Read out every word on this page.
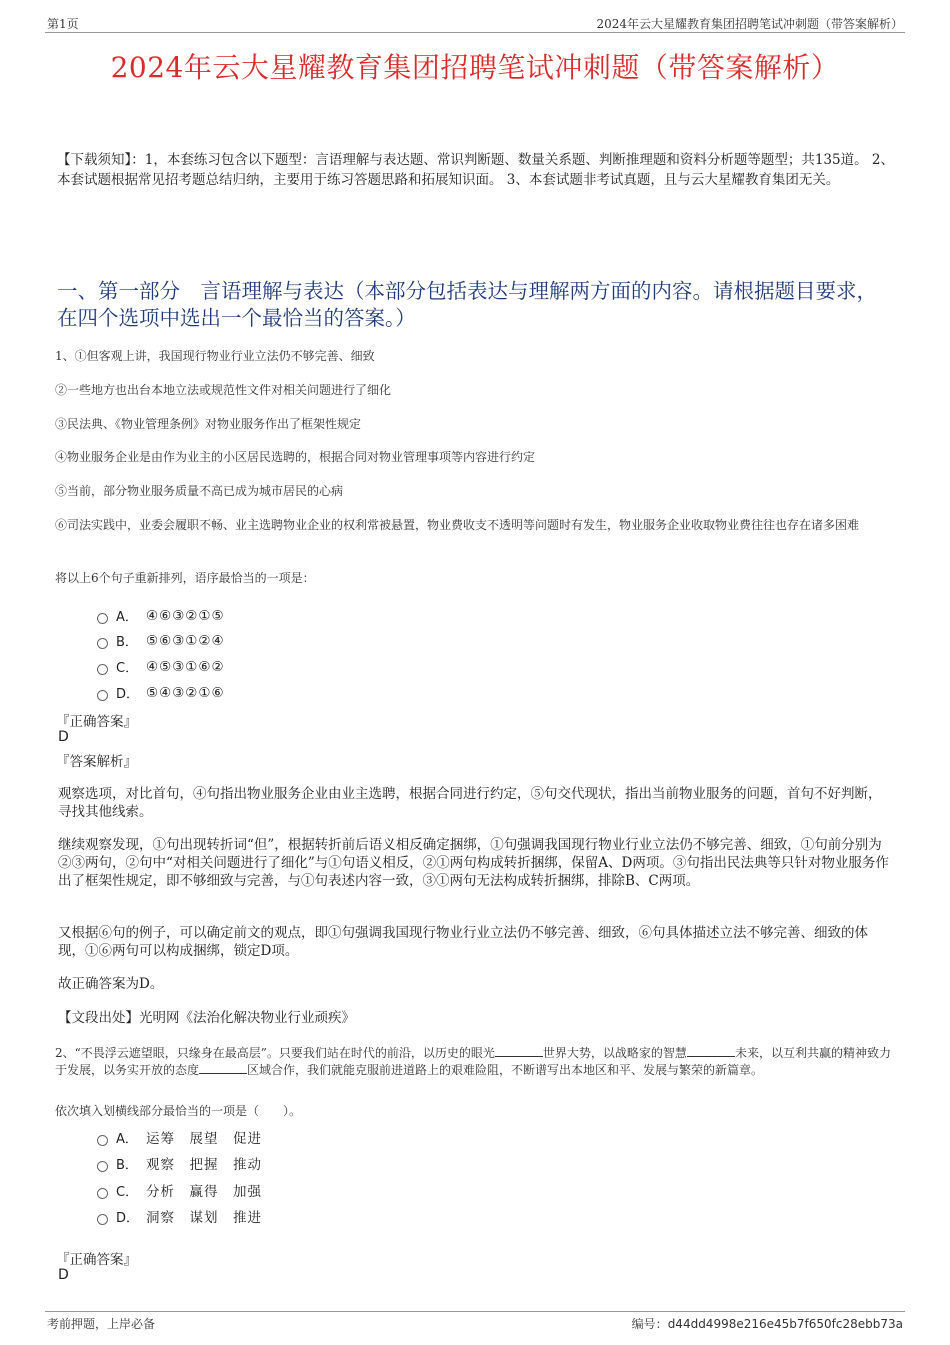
第1页	2024年云大星耀教育集团招聘笔试冲刺题（带答案解析）
2024年云大星耀教育集团招聘笔试冲刺题（带答案解析）
【下载须知】：1，本套练习包含以下题型：言语理解与表达题、常识判断题、数量关系题、判断推理题和资料分析题等题型；共135道。 2、本套试题根据常见招考题总结归纳，主要用于练习答题思路和拓展知识面。 3、本套试题非考试真题，且与云大星耀教育集团无关。
一、第一部分　言语理解与表达（本部分包括表达与理解两方面的内容。请根据题目要求，在四个选项中选出一个最恰当的答案。）
1、①但客观上讲，我国现行物业行业立法仍不够完善、细致
②一些地方也出台本地立法或规范性文件对相关问题进行了细化
③民法典、《物业管理条例》对物业服务作出了框架性规定
④物业服务企业是由作为业主的小区居民选聘的，根据合同对物业管理事项等内容进行约定
⑤当前，部分物业服务质量不高已成为城市居民的心病
⑥司法实践中，业委会履职不畅、业主选聘物业企业的权利常被悬置，物业费收支不透明等问题时有发生，物业服务企业收取物业费往往也存在诸多困难
将以上6个句子重新排列，语序最恰当的一项是：
A． ④⑥③②①⑤
B． ⑤⑥③①②④
C． ④⑤③①⑥②
D． ⑤④③②①⑥
『正确答案』
D
『答案解析』
观察选项，对比首句，④句指出物业服务企业由业主选聘，根据合同进行约定，⑤句交代现状，指出当前物业服务的问题，首句不好判断，寻找其他线索。
继续观察发现，①句出现转折词“但”，根据转折前后语义相反确定捆绑，①句强调我国现行物业行业立法仍不够完善、细致，①句前分别为②③两句，②句中“对相关问题进行了细化”与①句语义相反，②①两句构成转折捆绑，保留A、D两项。③句指出民法典等只针对物业服务作出了框架性规定，即不够细致与完善，与①句表述内容一致，③①两句无法构成转折捆绑，排除B、C两项。
又根据⑥句的例子，可以确定前文的观点，即①句强调我国现行物业行业立法仍不够完善、细致，⑥句具体描述立法不够完善、细致的体现，①⑥两句可以构成捆绑，锁定D项。
故正确答案为D。
【文段出处】光明网《法治化解决物业行业顽疾》
2、“不畏浮云遮望眼，只缘身在最高层”。只要我们站在时代的前沿，以历史的眼光	世界大势，以战略家的智慧	未来，以互利共赢的精神致力于发展，以务实开放的态度	区域合作，我们就能克服前进道路上的艰难险阻，不断谱写出本地区和平、发展与繁荣的新篇章。
依次填入划横线部分最恰当的一项是（　　）。
A． 运筹　展望　促进
B． 观察　把握　推动
C． 分析　赢得　加强
D． 洞察　谋划　推进
『正确答案』
D
考前押题，上岸必备	编号：d44dd4998e216e45b7f650fc28ebb73a
